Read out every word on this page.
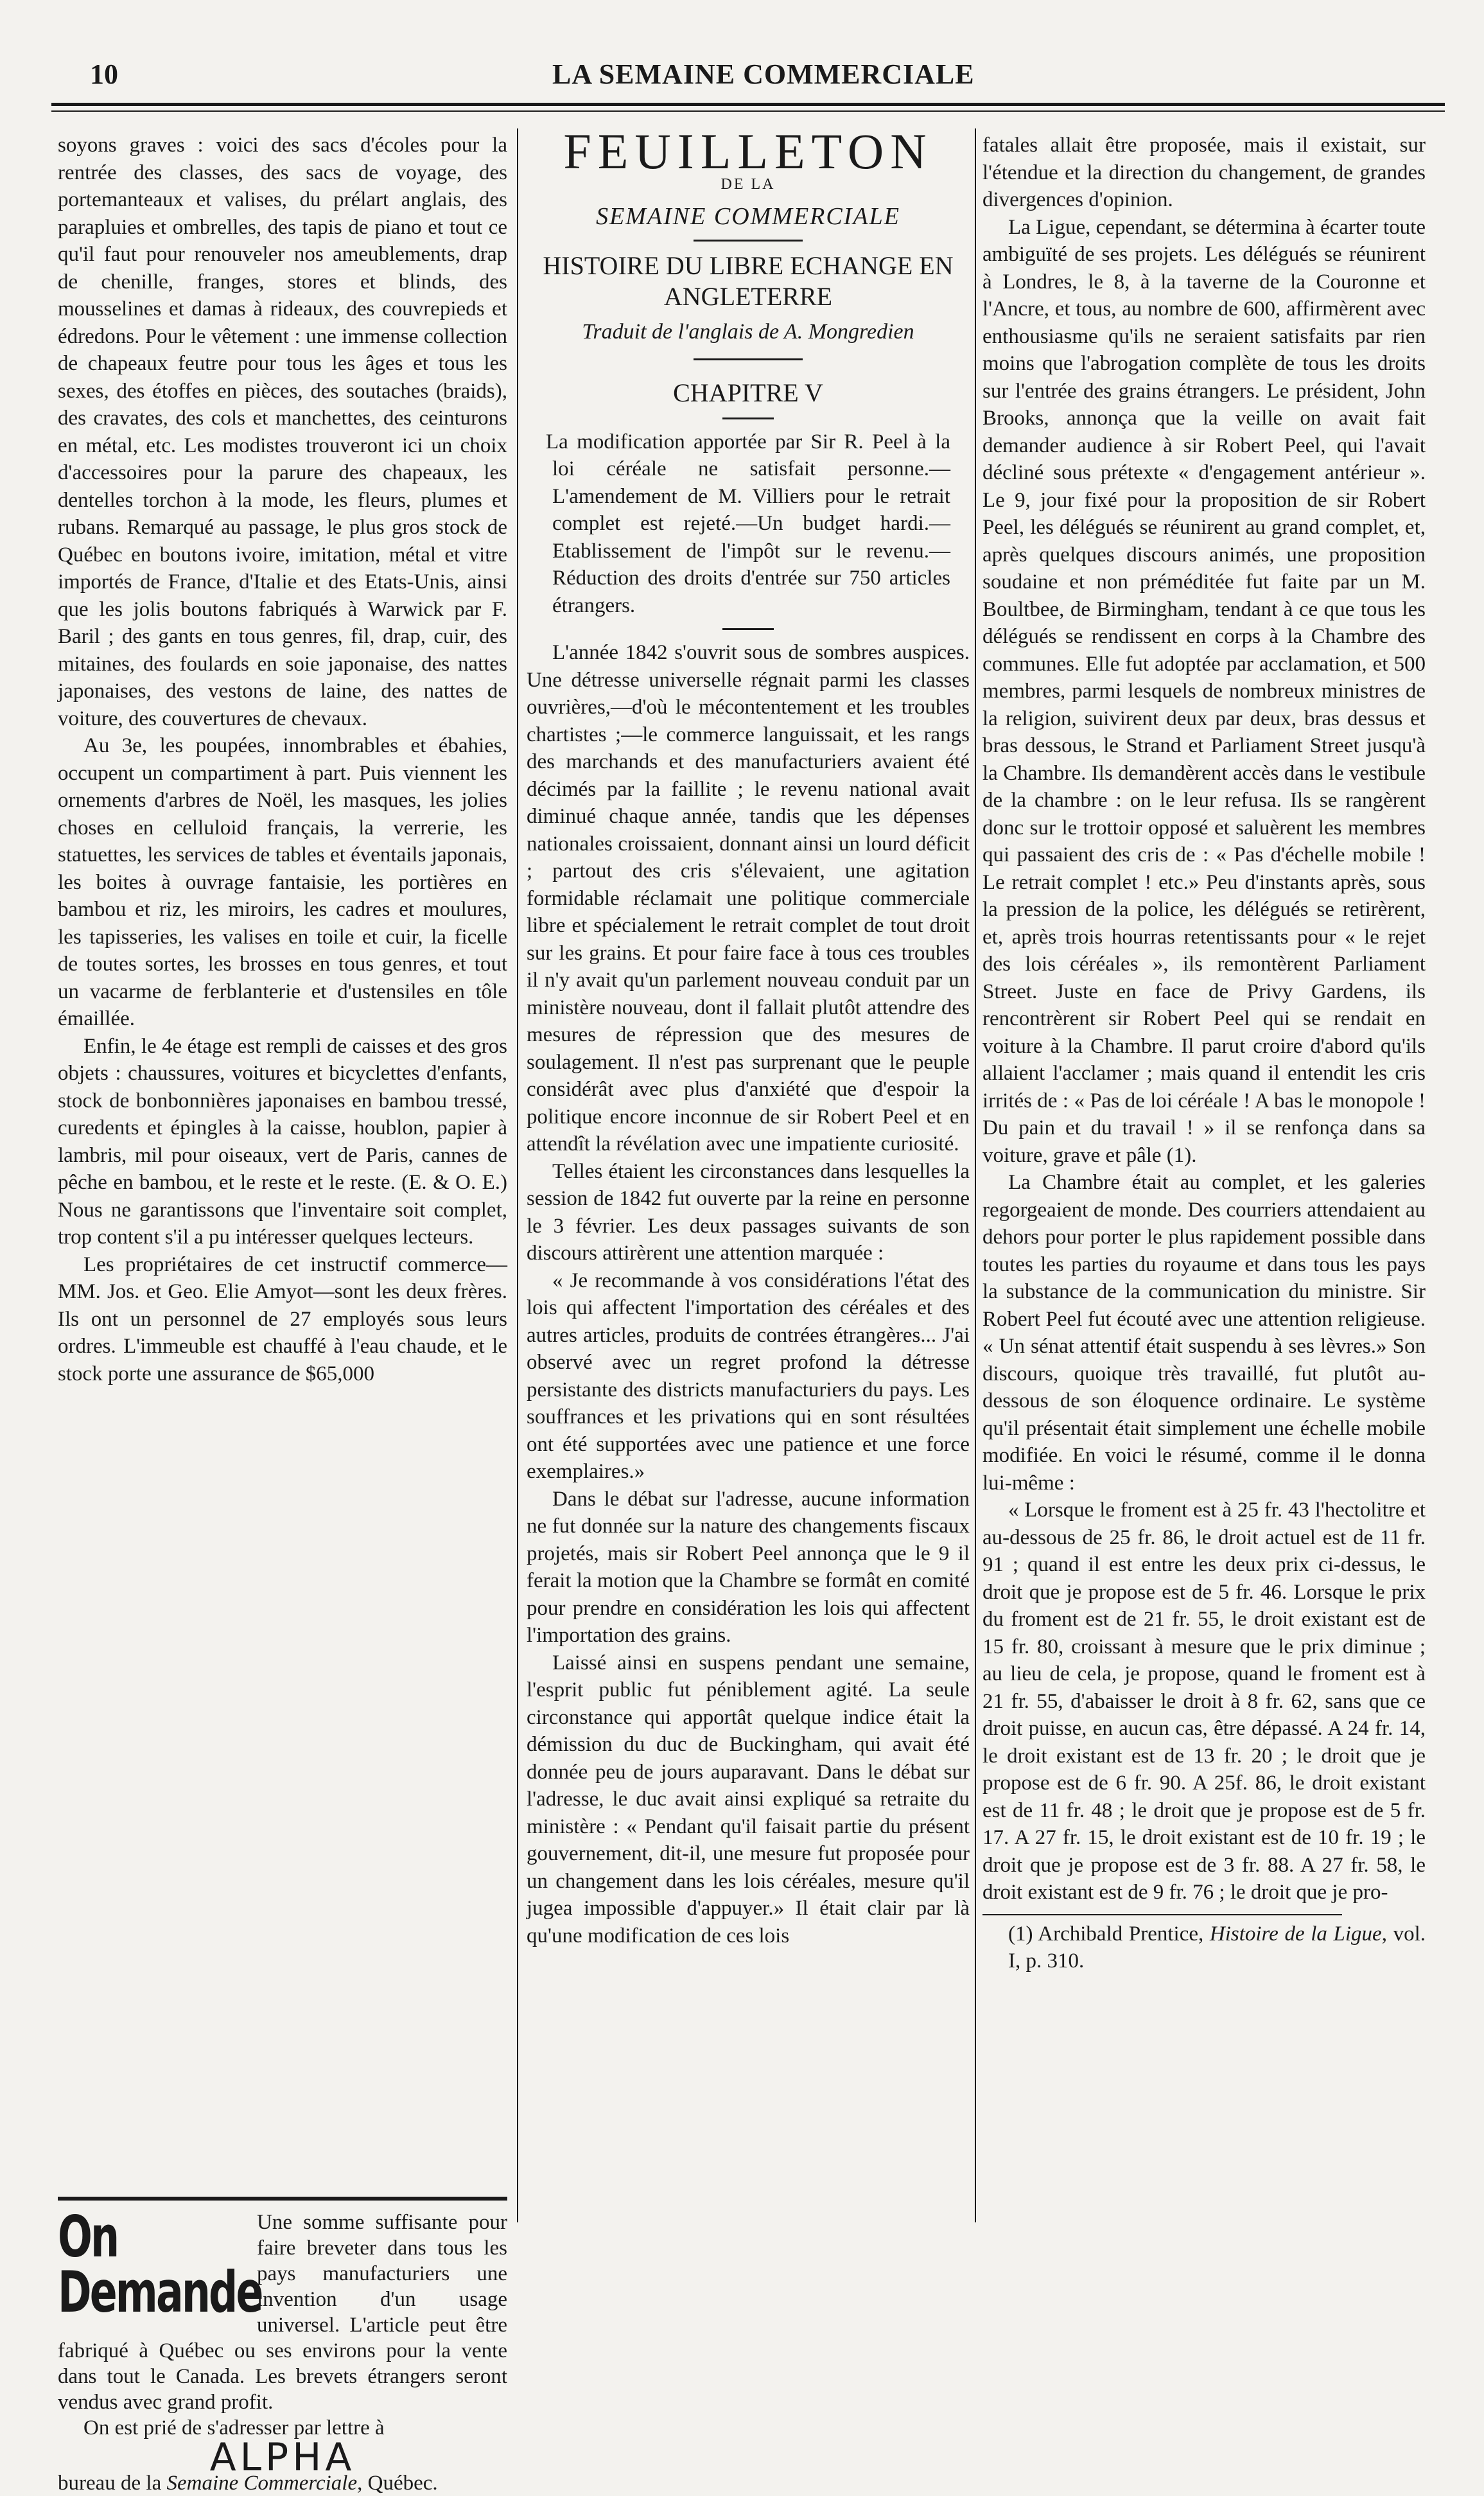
10	LA SEMAINE COMMERCIALE

soyons graves : voici des sacs d'écoles pour la rentrée des classes, des sacs de voyage, des portemanteaux et valises, du prélart anglais, des parapluies et ombrelles, des tapis de piano et tout ce qu'il faut pour renouveler nos ameublements, drap de chenille, franges, stores et blinds, des mousselines et damas à rideaux, des couvrepieds et édredons. Pour le vêtement : une immense collection de chapeaux feutre pour tous les âges et tous les sexes, des étoffes en pièces, des soutaches (braids), des cravates, des cols et manchettes, des ceinturons en métal, etc. Les modistes trouveront ici un choix d'accessoires pour la parure des chapeaux, les dentelles torchon à la mode, les fleurs, plumes et rubans. Remarqué au passage, le plus gros stock de Québec en boutons ivoire, imitation, métal et vitre importés de France, d'Italie et des Etats-Unis, ainsi que les jolis boutons fabriqués à Warwick par F. Baril ; des gants en tous genres, fil, drap, cuir, des mitaines, des foulards en soie japonaise, des nattes japonaises, des vestons de laine, des nattes de voiture, des couvertures de chevaux.

Au 3e, les poupées, innombrables et ébahies, occupent un compartiment à part. Puis viennent les ornements d'arbres de Noël, les masques, les jolies choses en celluloid français, la verrerie, les statuettes, les services de tables et éventails japonais, les boites à ouvrage fantaisie, les portières en bambou et riz, les miroirs, les cadres et moulures, les tapisseries, les valises en toile et cuir, la ficelle de toutes sortes, les brosses en tous genres, et tout un vacarme de ferblanterie et d'ustensiles en tôle émaillée.

Enfin, le 4e étage est rempli de caisses et des gros objets : chaussures, voitures et bicyclettes d'enfants, stock de bonbonnières japonaises en bambou tressé, curedents et épingles à la caisse, houblon, papier à lambris, mil pour oiseaux, vert de Paris, cannes de pêche en bambou, et le reste et le reste. (E. & O. E.) Nous ne garantissons que l'inventaire soit complet, trop content s'il a pu intéresser quelques lecteurs.

Les propriétaires de cet instructif commerce—MM. Jos. et Geo. Elie Amyot—sont les deux frères. Ils ont un personnel de 27 employés sous leurs ordres. L'immeuble est chauffé à l'eau chaude, et le stock porte une assurance de $65,000

On Demande
Une somme suffisante pour faire breveter dans tous les pays manufacturiers une invention d'un usage universel. L'article peut être fabriqué à Québec ou ses environs pour la vente dans tout le Canada. Les brevets étrangers seront vendus avec grand profit.
On est prié de s'adresser par lettre à
ALPHA
bureau de la Semaine Commerciale, Québec.
FEUILLETON
DE LA
SEMAINE COMMERCIALE
HISTOIRE DU LIBRE ECHANGE EN ANGLETERRE
Traduit de l'anglais de A. Mongredien
CHAPITRE V
La modification apportée par Sir R. Peel à la loi céréale ne satisfait personne.—L'amendement de M. Villiers pour le retrait complet est rejeté.—Un budget hardi.—Etablissement de l'impôt sur le revenu.—Réduction des droits d'entrée sur 750 articles étrangers.

L'année 1842 s'ouvrit sous de sombres auspices. Une détresse universelle régnait parmi les classes ouvrières,—d'où le mécontentement et les troubles chartistes ;—le commerce languissait, et les rangs des marchands et des manufacturiers avaient été décimés par la faillite ; le revenu national avait diminué chaque année, tandis que les dépenses nationales croissaient, donnant ainsi un lourd déficit ; partout des cris s'élevaient, une agitation formidable réclamait une politique commerciale libre et spécialement le retrait complet de tout droit sur les grains. Et pour faire face à tous ces troubles il n'y avait qu'un parlement nouveau conduit par un ministère nouveau, dont il fallait plutôt attendre des mesures de répression que des mesures de soulagement. Il n'est pas surprenant que le peuple considérât avec plus d'anxiété que d'espoir la politique encore inconnue de sir Robert Peel et en attendît la révélation avec une impatiente curiosité.

Telles étaient les circonstances dans lesquelles la session de 1842 fut ouverte par la reine en personne le 3 février. Les deux passages suivants de son discours attirèrent une attention marquée :

« Je recommande à vos considérations l'état des lois qui affectent l'importation des céréales et des autres articles, produits de contrées étrangères... J'ai observé avec un regret profond la détresse persistante des districts manufacturiers du pays. Les souffrances et les privations qui en sont résultées ont été supportées avec une patience et une force exemplaires.»

Dans le débat sur l'adresse, aucune information ne fut donnée sur la nature des changements fiscaux projetés, mais sir Robert Peel annonça que le 9 il ferait la motion que la Chambre se formât en comité pour prendre en considération les lois qui affectent l'importation des grains.

Laissé ainsi en suspens pendant une semaine, l'esprit public fut péniblement agité. La seule circonstance qui apportât quelque indice était la démission du duc de Buckingham, qui avait été donnée peu de jours auparavant. Dans le débat sur l'adresse, le duc avait ainsi expliqué sa retraite du ministère : « Pendant qu'il faisait partie du présent gouvernement, dit-il, une mesure fut proposée pour un changement dans les lois céréales, mesure qu'il jugea impossible d'appuyer.» Il était clair par là qu'une modification de ces lois

fatales allait être proposée, mais il existait, sur l'étendue et la direction du changement, de grandes divergences d'opinion.

La Ligue, cependant, se détermina à écarter toute ambiguïté de ses projets. Les délégués se réunirent à Londres, le 8, à la taverne de la Couronne et l'Ancre, et tous, au nombre de 600, affirmèrent avec enthousiasme qu'ils ne seraient satisfaits par rien moins que l'abrogation complète de tous les droits sur l'entrée des grains étrangers. Le président, John Brooks, annonça que la veille on avait fait demander audience à sir Robert Peel, qui l'avait décliné sous prétexte « d'engagement antérieur ». Le 9, jour fixé pour la proposition de sir Robert Peel, les délégués se réunirent au grand complet, et, après quelques discours animés, une proposition soudaine et non préméditée fut faite par un M. Boultbee, de Birmingham, tendant à ce que tous les délégués se rendissent en corps à la Chambre des communes. Elle fut adoptée par acclamation, et 500 membres, parmi lesquels de nombreux ministres de la religion, suivirent deux par deux, bras dessus et bras dessous, le Strand et Parliament Street jusqu'à la Chambre. Ils demandèrent accès dans le vestibule de la chambre : on le leur refusa. Ils se rangèrent donc sur le trottoir opposé et saluèrent les membres qui passaient des cris de : « Pas d'échelle mobile ! Le retrait complet ! etc.» Peu d'instants après, sous la pression de la police, les délégués se retirèrent, et, après trois hourras retentissants pour « le rejet des lois céréales », ils remontèrent Parliament Street. Juste en face de Privy Gardens, ils rencontrèrent sir Robert Peel qui se rendait en voiture à la Chambre. Il parut croire d'abord qu'ils allaient l'acclamer ; mais quand il entendit les cris irrités de : « Pas de loi céréale ! A bas le monopole ! Du pain et du travail ! » il se renfonça dans sa voiture, grave et pâle (1).

La Chambre était au complet, et les galeries regorgeaient de monde. Des courriers attendaient au dehors pour porter le plus rapidement possible dans toutes les parties du royaume et dans tous les pays la substance de la communication du ministre. Sir Robert Peel fut écouté avec une attention religieuse. « Un sénat attentif était suspendu à ses lèvres.» Son discours, quoique très travaillé, fut plutôt au-dessous de son éloquence ordinaire. Le système qu'il présentait était simplement une échelle mobile modifiée. En voici le résumé, comme il le donna lui-même :

« Lorsque le froment est à 25 fr. 43 l'hectolitre et au-dessous de 25 fr. 86, le droit actuel est de 11 fr. 91 ; quand il est entre les deux prix ci-dessus, le droit que je propose est de 5 fr. 46. Lorsque le prix du froment est de 21 fr. 55, le droit existant est de 15 fr. 80, croissant à mesure que le prix diminue ; au lieu de cela, je propose, quand le froment est à 21 fr. 55, d'abaisser le droit à 8 fr. 62, sans que ce droit puisse, en aucun cas, être dépassé. A 24 fr. 14, le droit existant est de 13 fr. 20 ; le droit que je propose est de 6 fr. 90. A 25f. 86, le droit existant est de 11 fr. 48 ; le droit que je propose est de 5 fr. 17. A 27 fr. 15, le droit existant est de 10 fr. 19 ; le droit que je propose est de 3 fr. 88. A 27 fr. 58, le droit existant est de 9 fr. 76 ; le droit que je pro-

(1) Archibald Prentice, Histoire de la Ligue, vol. I, p. 310.
